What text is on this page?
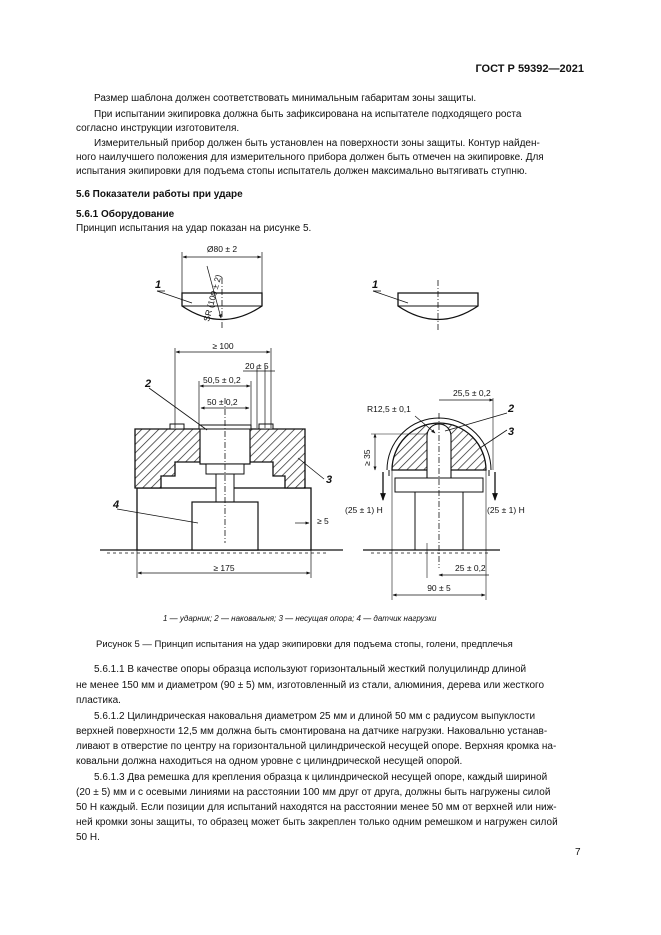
ГОСТ Р 59392—2021
Размер шаблона должен соответствовать минимальным габаритам зоны защиты.
При испытании экипировка должна быть зафиксирована на испытателе подходящего роста
согласно инструкции изготовителя.
Измерительный прибор должен быть установлен на поверхности зоны защиты. Контур найден-
ного наилучшего положения для измерительного прибора должен быть отмечен на экипировке. Для
испытания экипировки для подъема стопы испытатель должен максимально вытягивать ступню.
5.6 Показатели работы при ударе
5.6.1 Оборудование
Принцип испытания на удар показан на рисунке 5.
Ø80 ± 2
SR (100 ± 2)
≥ 100
20 ± 5
50,5 ± 0,2
50 ± 0,2
≥ 5
≥ 175
R12,5 ± 0,1
25,5 ± 0,2
≥ 35
(25 ± 1) Н	(25 ± 1) Н
25 ± 0,2
90 ± 5
1	1
2
2
3
3
4
1 — ударник; 2 — наковальня; 3 — несущая опора; 4 — датчик нагрузки
Рисунок 5 — Принцип испытания на удар экипировки для подъема стопы, голени, предплечья
5.6.1.1 В качестве опоры образца используют горизонтальный жесткий полуцилиндр длиной
не менее 150 мм и диаметром (90 ± 5) мм, изготовленный из стали, алюминия, дерева или жесткого
пластика.
5.6.1.2 Цилиндрическая наковальня диаметром 25 мм и длиной 50 мм с радиусом выпуклости
верхней поверхности 12,5 мм должна быть смонтирована на датчике нагрузки. Наковальню устанав-
ливают в отверстие по центру на горизонтальной цилиндрической несущей опоре. Верхняя кромка на-
ковальни должна находиться на одном уровне с цилиндрической несущей опорой.
5.6.1.3 Два ремешка для крепления образца к цилиндрической несущей опоре, каждый шириной
(20 ± 5) мм и с осевыми линиями на расстоянии 100 мм друг от друга, должны быть нагружены силой
50 Н каждый. Если позиции для испытаний находятся на расстоянии менее 50 мм от верхней или ниж-
ней кромки зоны защиты, то образец может быть закреплен только одним ремешком и нагружен силой
50 Н.
7
